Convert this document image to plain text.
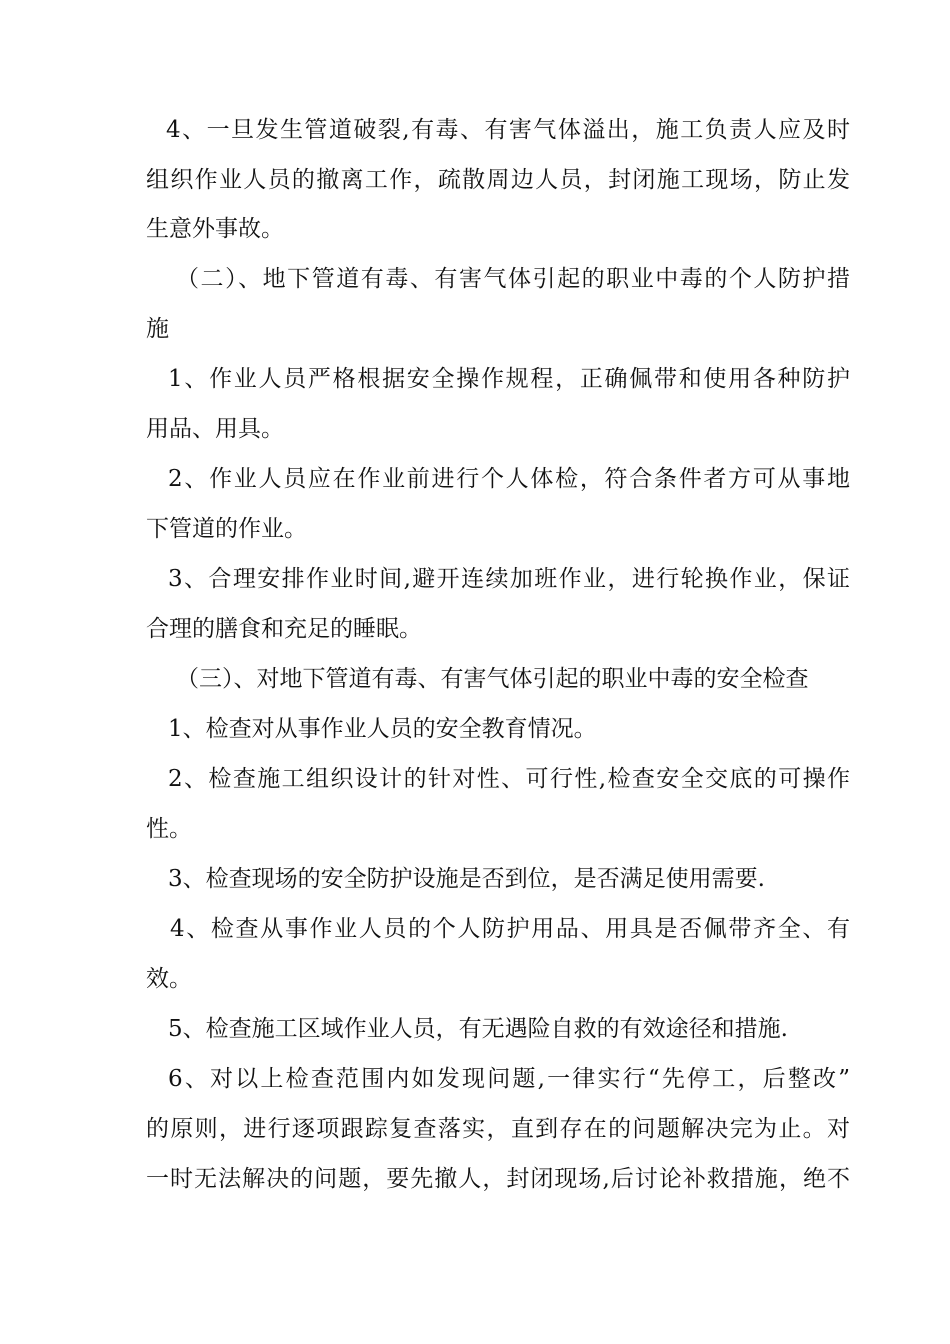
4、一旦发生管道破裂,有毒、有害气体溢出，施工负责人应及时
组织作业人员的撤离工作，疏散周边人员，封闭施工现场，防止发
生意外事故。
（二）、地下管道有毒、有害气体引起的职业中毒的个人防护措
施
1、作业人员严格根据安全操作规程，正确佩带和使用各种防护
用品、用具。
2、作业人员应在作业前进行个人体检，符合条件者方可从事地
下管道的作业。
3、合理安排作业时间,避开连续加班作业，进行轮换作业，保证
合理的膳食和充足的睡眠。
（三）、对地下管道有毒、有害气体引起的职业中毒的安全检查
1、检查对从事作业人员的安全教育情况。
2、检查施工组织设计的针对性、可行性,检查安全交底的可操作
性。
3、检查现场的安全防护设施是否到位，是否满足使用需要.
4、检查从事作业人员的个人防护用品、用具是否佩带齐全、有
效。
5、检查施工区域作业人员，有无遇险自救的有效途径和措施.
6、对以上检查范围内如发现问题,一律实行“先停工，后整改”
的原则，进行逐项跟踪复查落实，直到存在的问题解决完为止。对
一时无法解决的问题，要先撤人，封闭现场,后讨论补救措施，绝不
